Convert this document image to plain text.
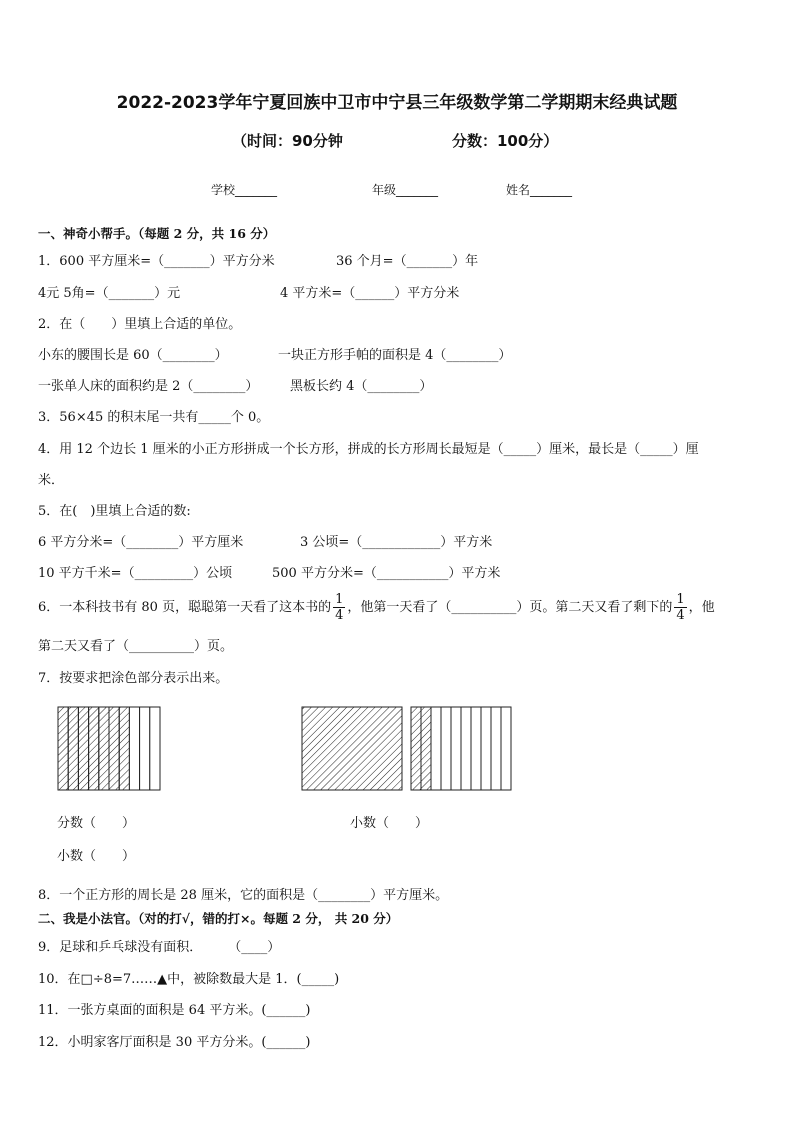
2022-2023学年宁夏回族中卫市中宁县三年级数学第二学期期末经典试题
（时间：90分钟	分数：100分）
学校_______	年级_______	姓名_______
一、神奇小帮手。（每题 2 分，共 16 分）
1．600 平方厘米=（_______）平方分米	36 个月=（_______）年
4元 5角=（_______）元	4 平方米=（______）平方分米
2．在（　　）里填上合适的单位。
小东的腰围长是 60（________）	一块正方形手帕的面积是 4（________）
一张单人床的面积约是 2（________） 黑板长约 4（________）
3．56×45 的积末尾一共有_____个 0。
4．用 12 个边长 1 厘米的小正方形拼成一个长方形，拼成的长方形周长最短是（_____）厘米，最长是（_____）厘
米．
5．在(　)里填上合适的数:
6 平方分米=（________）平方厘米	3 公顷=（____________）平方米
10 平方千米=（_________）公顷	500 平方分米=（___________）平方米
6．一本科技书有 80 页，聪聪第一天看了这本书的 $\frac{1}{4}$ ，他第一天看了（__________）页。第二天又看了剩下的 $\frac{1}{4}$ ，他
第二天又看了（__________）页。
7．按要求把涂色部分表示出来。
分数（　　）
小数（　　）
小数（　　）
8．一个正方形的周长是 28 厘米，它的面积是（________）平方厘米。
二、我是小法官。（对的打√，错的打×。每题 2 分， 共 20 分）
9．足球和乒乓球没有面积．　　　（____）
10．在□÷8=7……▲中，被除数最大是 1．(_____)
11．一张方桌面的面积是 64 平方米。(______)
12．小明家客厅面积是 30 平方分米。(______)
